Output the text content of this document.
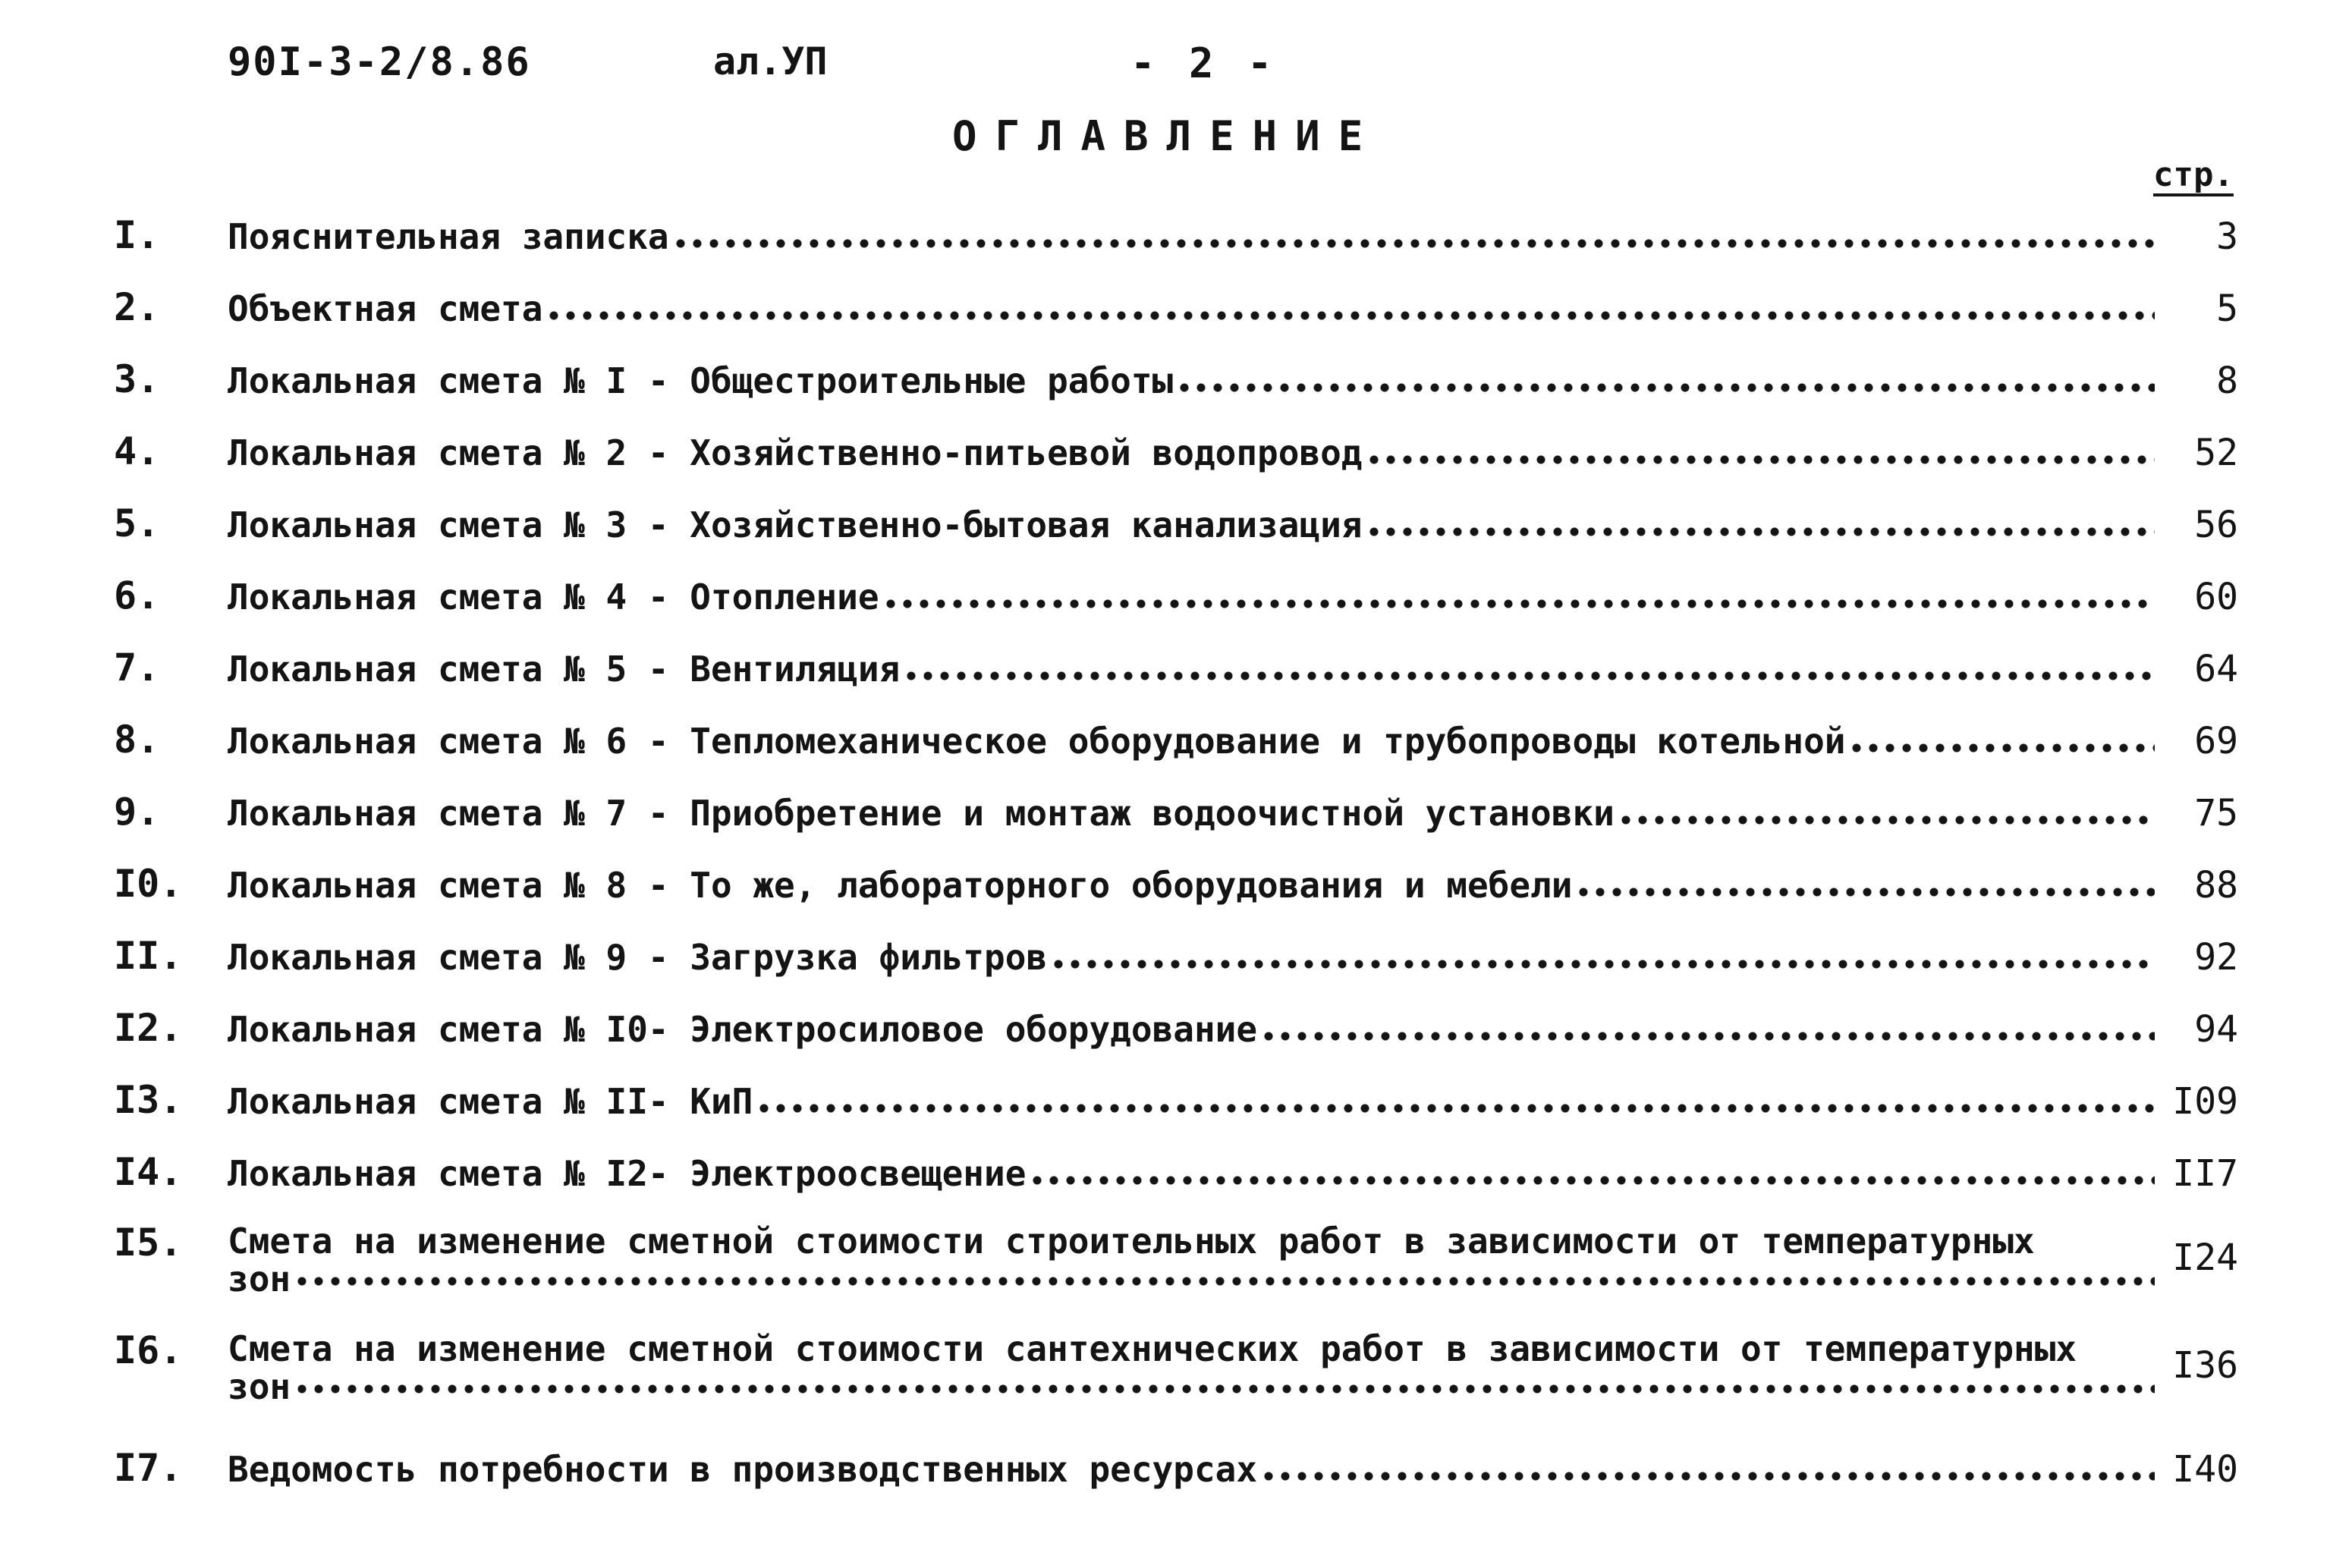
90I-3-2/8.86	ал.УП	- 2 -
ОГЛАВЛЕНИЕ
стр.
I.	Пояснительная записка	3
2.	Объектная смета	5
3.	Локальная смета № I - Общестроительные работы	8
4.	Локальная смета № 2 - Хозяйственно-питьевой водопровод	52
5.	Локальная смета № 3 - Хозяйственно-бытовая канализация	56
6.	Локальная смета № 4 - Отопление	60
7.	Локальная смета № 5 - Вентиляция	64
8.	Локальная смета № 6 - Тепломеханическое оборудование и трубопроводы котельной	69
9.	Локальная смета № 7 - Приобретение и монтаж водоочистной установки	75
I0.	Локальная смета № 8 - То же, лабораторного оборудования и мебели	88
II.	Локальная смета № 9 - Загрузка фильтров	92
I2.	Локальная смета № I0- Электросиловое оборудование	94
I3.	Локальная смета № II- КиП	I09
I4.	Локальная смета № I2- Электроосвещение	II7
I5.	Смета на изменение сметной стоимости строительных работ в зависимости от температурных
зон	I24
I6.	Смета на изменение сметной стоимости сантехнических работ в зависимости от температурных
зон	I36
I7.	Ведомость потребности в производственных ресурсах	I40
